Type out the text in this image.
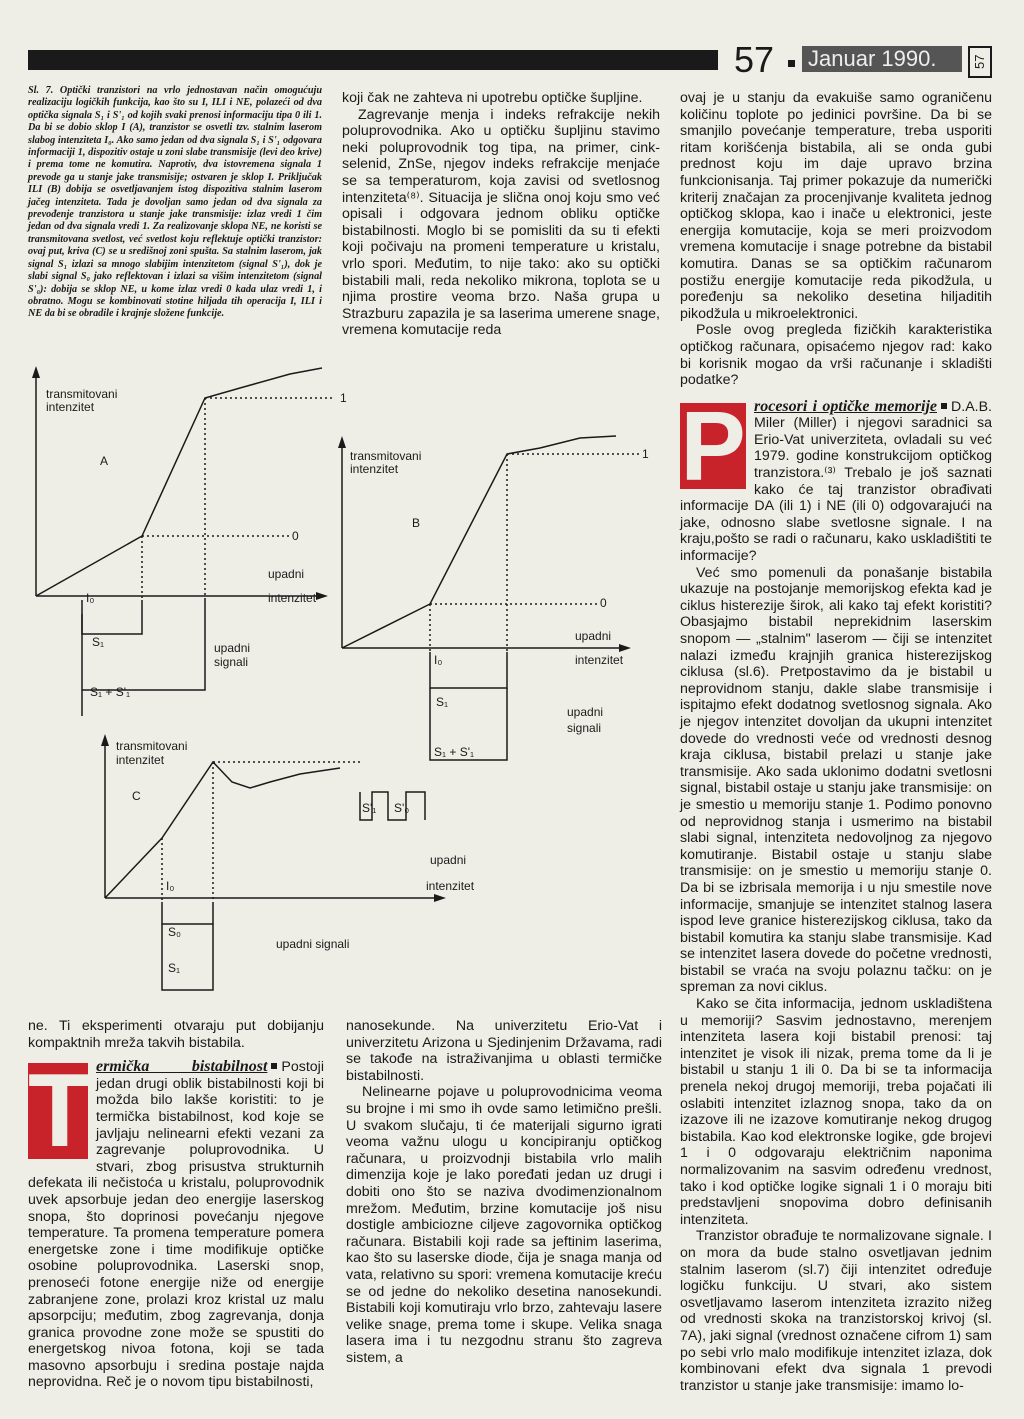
57 Januar 1990.	57
Sl. 7. Optički tranzistori na vrlo jednostavan način omogućuju realizaciju logičkih funkcija, kao što su I, ILI i NE, polazeći od dva optička signala S₁ i S'₁ od kojih svaki prenosi informaciju tipa 0 ili 1. Da bi se dobio sklop I (A), tranzistor se osvetli tzv. stalnim laserom slabog intenziteta I₀. Ako samo jedan od dva signala S₁ i S'₁ odgovara informaciji 1, dispozitiv ostaje u zoni slabe transmisije (levi deo krive) i prema tome ne komutira. Naprotiv, dva istovremena signala 1 prevode ga u stanje jake transmisije; ostvaren je sklop I. Priključak ILI (B) dobija se osvetljavanjem istog dispozitiva stalnim laserom jačeg intenziteta. Tada je dovoljan samo jedan od dva signala za prevođenje tranzistora u stanje jake transmisije: izlaz vredi 1 čim jedan od dva signala vredi 1. Za realizovanje sklopa NE, ne koristi se transmitovana svetlost, već svetlost koju reflektuje optički tranzistor: ovaj put, kriva (C) se u središnoj zoni spušta. Sa stalnim laserom, jak signal S₁ izlazi sa mnogo slabijim intenzitetom (signal S'₁), dok je slabi signal S₀ jako reflektovan i izlazi sa višim intenzitetom (signal S'₀): dobija se sklop NE, u kome izlaz vredi 0 kada ulaz vredi 1, i obratno. Mogu se kombinovati stotine hiljada tih operacija I, ILI i NE da bi se obradile i krajnje složene funkcije.

koji čak ne zahteva ni upotrebu optičke šupljine.

Zagrevanje menja i indeks refrakcije nekih poluprovodnika. Ako u optičku šupljinu stavimo neki poluprovodnik tog tipa, na primer, cink-selenid, ZnSe, njegov indeks refrakcije menjaće se sa temperaturom, koja zavisi od svetlosnog intenziteta⁽⁸⁾. Situacija je slična onoj koju smo već opisali i odgovara jednom obliku optičke bistabilnosti. Moglo bi se pomisliti da su ti efekti koji počivaju na promeni temperature u kristalu, vrlo spori. Međutim, to nije tako: ako su optički bistabili mali, reda nekoliko mikrona, toplota se u njima prostire veoma brzo. Naša grupa u Strazburu zapazila je sa laserima umerene snage, vremena komutacije reda

ovaj je u stanju da evakuiše samo ograničenu količinu toplote po jedinici površine. Da bi se smanjilo povećanje temperature, treba usporiti ritam korišćenja bistabila, ali se onda gubi prednost koju im daje upravo brzina funkcionisanja. Taj primer pokazuje da numerički kriterij značajan za procenjivanje kvaliteta jednog optičkog sklopa, kao i inače u elektronici, jeste energija komutacije, koja se meri proizvodom vremena komutacije i snage potrebne da bistabil komutira. Danas se sa optičkim računarom postižu energije komutacije reda pikodžula, u poređenju sa nekoliko desetina hiljaditih pikodžula u mikroelektronici.

Posle ovog pregleda fizičkih karakteristika optičkog računara, opisaćemo njegov rad: kako bi korisnik mogao da vrši računanje i skladišti podatke?

P rocesori i optičke memorije D.A.B. Miler (Miller) i njegovi saradnici sa Erio-Vat univerziteta, ovladali su već 1979. godine konstrukcijom optičkog tranzistora.⁽³⁾ Trebalo je još saznati kako će taj tranzistor obrađivati informacije DA (ili 1) i NE (ili 0) odgovarajući na jake, odnosno slabe svetlosne signale. I na kraju,pošto se radi o računaru, kako uskladištiti te informacije?

Već smo pomenuli da ponašanje bistabila ukazuje na postojanje memorijskog efekta kad je ciklus histerezije širok, ali kako taj efekt koristiti? Obasjajmo bistabil neprekidnim laserskim snopom — „stalnim" laserom — čiji se intenzitet nalazi između krajnjih granica histerezijskog ciklusa (sl.6). Pretpostavimo da je bistabil u neprovidnom stanju, dakle slabe transmisije i ispitajmo efekt dodatnog svetlosnog signala. Ako je njegov intenzitet dovoljan da ukupni intenzitet dovede do vrednosti veće od vrednosti desnog kraja ciklusa, bistabil prelazi u stanje jake transmisije. Ako sada uklonimo dodatni svetlosni signal, bistabil ostaje u stanju jake transmisije: on je smestio u memoriju stanje 1. Podimo ponovno od neprovidnog stanja i usmerimo na bistabil slabi signal, intenziteta nedovoljnog za njegovo komutiranje. Bistabil ostaje u stanju slabe transmisije: on je smestio u memoriju stanje 0. Da bi se izbrisala memorija i u nju smestile nove informacije, smanjuje se intenzitet stalnog lasera ispod leve granice histerezijskog ciklusa, tako da bistabil komutira ka stanju slabe transmisije. Kad se intenzitet lasera dovede do početne vrednosti, bistabil se vraća na svoju polaznu tačku: on je spreman za novi ciklus.

Kako se čita informacija, jednom uskladištena u memoriji? Sasvim jednostavno, merenjem intenziteta lasera koji bistabil prenosi: taj intenzitet je visok ili nizak, prema tome da li je bistabil u stanju 1 ili 0. Da bi se ta informacija prenela nekoj drugoj memoriji, treba pojačati ili oslabiti intenzitet izlaznog snopa, tako da on izazove ili ne izazove komutiranje nekog drugog bistabila. Kao kod elektronske logike, gde brojevi 1 i 0 odgovaraju električnim naponima normalizovanim na sasvim određenu vrednost, tako i kod optičke logike signali 1 i 0 moraju biti predstavljeni snopovima dobro definisanih intenziteta.

Tranzistor obrađuje te normalizovane signale. I on mora da bude stalno osvetljavan jednim stalnim laserom (sl.7) čiji intenzitet određuje logičku funkciju. U stvari, ako sistem osvetljavamo laserom intenziteta izrazito nižeg od vrednosti skoka na tranzistorskoj krivoj (sl. 7A), jaki signal (vrednost označene cifrom 1) sam po sebi vrlo malo modifikuje intenzitet izlaza, dok kombinovani efekt dva signala 1 prevodi tranzistor u stanje jake transmisije: imamo lo-

ne. Ti eksperimenti otvaraju put dobijanju kompaktnih mreža takvih bistabila.

T ermička bistabilnost Postoji jedan drugi oblik bistabilnosti koji bi možda bilo lakše koristiti: to je termička bistabilnost, kod koje se javljaju nelinearni efekti vezani za zagrevanje poluprovodnika. U stvari, zbog prisustva strukturnih defekata ili nečistoća u kristalu, poluprovodnik uvek apsorbuje jedan deo energije laserskog snopa, što doprinosi povećanju njegove temperature. Ta promena temperature pomera energetske zone i time modifikuje optičke osobine poluprovodnika. Laserski snop, prenoseći fotone energije niže od energije zabranjene zone, prolazi kroz kristal uz malu apsorpciju; međutim, zbog zagrevanja, donja granica provodne zone može se spustiti do energetskog nivoa fotona, koji se tada masovno apsorbuju i sredina postaje najda neprovidna. Reč je o novom tipu bistabilnosti,

nanosekunde. Na univerzitetu Erio-Vat i univerzitetu Arizona u Sjedinjenim Državama, radi se takođe na istraživanjima u oblasti termičke bistabilnosti.

Nelinearne pojave u poluprovodnicima veoma su brojne i mi smo ih ovde samo letimično prešli. U svakom slučaju, ti će materijali sigurno igrati veoma važnu ulogu u koncipiranju optičkog računara, u proizvodnji bistabila vrlo malih dimenzija koje je lako poređati jedan uz drugi i dobiti ono što se naziva dvodimenzionalnom mrežom. Međutim, brzine komutacije još nisu dostigle ambiciozne ciljeve zagovornika optičkog računara. Bistabili koji rade sa jeftinim laserima, kao što su laserske diode, čija je snaga manja od vata, relativno su spori: vremena komutacije kreću se od jedne do nekoliko desetina nanosekundi. Bistabili koji komutiraju vrlo brzo, zahtevaju lasere velike snage, prema tome i skupe. Velika snaga lasera ima i tu nezgodnu stranu što zagreva sistem, a

transmitovani
intenzitet
A
1
0
upadni
intenzitet
I₀
S₁
S₁ + S'₁
upadni
signali
transmitovani
intenzitet
B
1
0
upadni
intenzitet
I₀
S₁
S₁ + S'₁
upadni
signali
transmitovani
intenzitet
C
S'₁ S'₀
upadni
intenzitet
I₀
S₀
S₁
upadni signali
